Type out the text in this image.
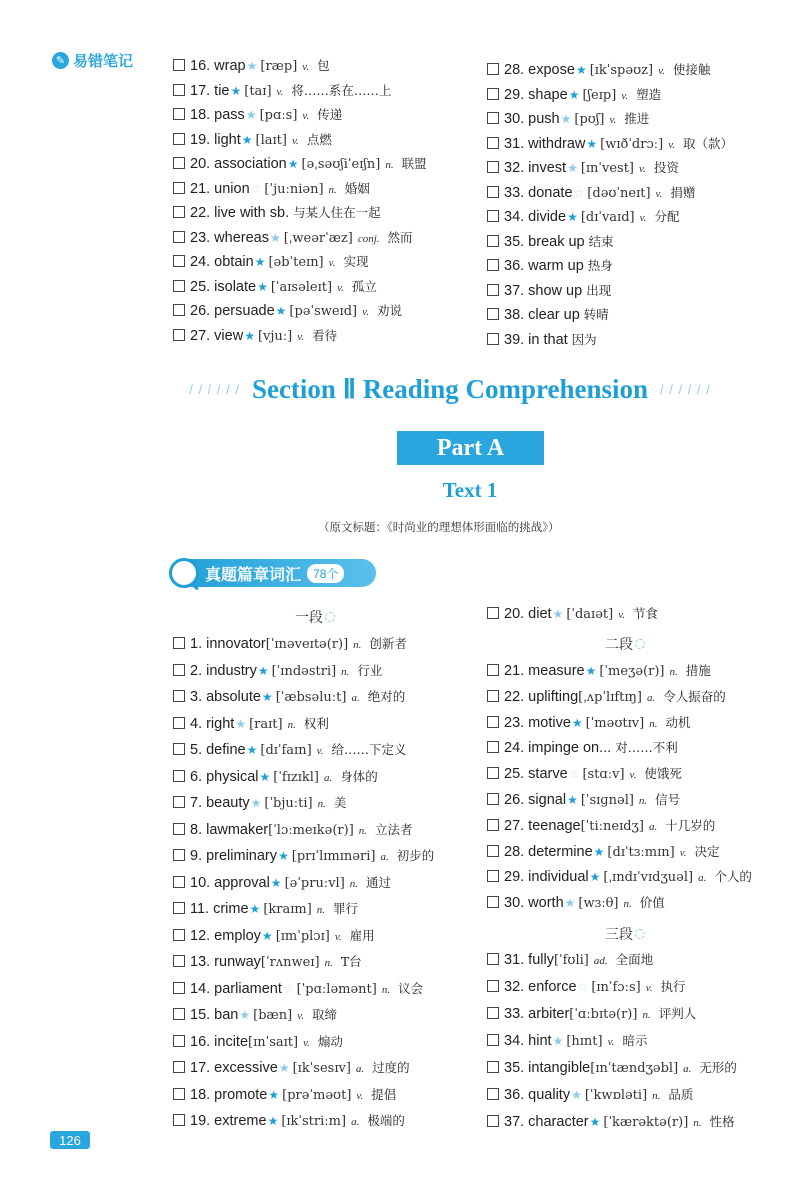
✎ 易错笔记	16. wrap ★ [ræp] v. 包
17. tie ★ [taɪ] v. 将……系在……上
18. pass ★ [pɑːs] v. 传递
19. light ★ [laɪt] v. 点燃
20. association ★ [əˌsəʊʃiˈeɪʃn] n. 联盟
21. union ☆ [ˈjuːniən] n. 婚姻
22. live with sb. 与某人住在一起
23. whereas ★ [ˌweərˈæz] conj. 然而
24. obtain ★ [əbˈteɪn] v. 实现
25. isolate ★ [ˈaɪsəleɪt] v. 孤立
26. persuade ★ [pəˈsweɪd] v. 劝说
27. view ★ [vjuː] v. 看待
28. expose ★ [ɪkˈspəʊz] v. 使接触
29. shape ★ [ʃeɪp] v. 塑造
30. push ★ [pʊʃ] v. 推进
31. withdraw ★ [wɪðˈdrɔː] v. 取（款）
32. invest ★ [ɪnˈvest] v. 投资
33. donate ☆ [dəʊˈneɪt] v. 捐赠
34. divide ★ [dɪˈvaɪd] v. 分配
35. break up 结束
36. warm up 热身
37. show up 出现
38. clear up 转晴
39. in that 因为
/ / / / / / Section Ⅱ Reading Comprehension / / / / / /
Part A
Text 1
（原文标题：《时尚业的理想体形面临的挑战》）
真题篇章词汇	78个
一段
二段
三段
1. innovator [ˈɪnəveɪtə(r)] n. 创新者
2. industry ★ [ˈɪndəstri] n. 行业
3. absolute ★ [ˈæbsəluːt] a. 绝对的
4. right ★ [raɪt] n. 权利
5. define ★ [dɪˈfaɪn] v. 给……下定义
6. physical ★ [ˈfɪzɪkl] a. 身体的
7. beauty ★ [ˈbjuːti] n. 美
8. lawmaker [ˈlɔːmeɪkə(r)] n. 立法者
9. preliminary ★ [prɪˈlɪmɪnəri] a. 初步的
10. approval ★ [əˈpruːvl] n. 通过
11. crime ★ [kraɪm] n. 罪行
12. employ ★ [ɪmˈplɔɪ] v. 雇用
13. runway [ˈrʌnweɪ] n. T台
14. parliament ☆ [ˈpɑːləmənt] n. 议会
15. ban ★ [bæn] v. 取缔
16. incite [ɪnˈsaɪt] v. 煽动
17. excessive ★ [ɪkˈsesɪv] a. 过度的
18. promote ★ [prəˈməʊt] v. 提倡
19. extreme ★ [ɪkˈstriːm] a. 极端的
20. diet ★ [ˈdaɪət] v. 节食
21. measure ★ [ˈmeʒə(r)] n. 措施
22. uplifting [ˌʌpˈlɪftɪŋ] a. 令人振奋的
23. motive ★ [ˈməʊtɪv] n. 动机
24. impinge on... 对……不利
25. starve ☆ [stɑːv] v. 使饿死
26. signal ★ [ˈsɪɡnəl] n. 信号
27. teenage [ˈtiːneɪdʒ] a. 十几岁的
28. determine ★ [dɪˈtɜːmɪn] v. 决定
29. individual ★ [ˌɪndɪˈvɪdʒuəl] a. 个人的
30. worth ★ [wɜːθ] n. 价值
31. fully [ˈfʊli] ad. 全面地
32. enforce ☆ [ɪnˈfɔːs] v. 执行
33. arbiter [ˈɑːbɪtə(r)] n. 评判人
34. hint ★ [hɪnt] v. 暗示
35. intangible [ɪnˈtændʒəbl] a. 无形的
36. quality ★ [ˈkwɒləti] n. 品质
37. character ★ [ˈkærəktə(r)] n. 性格
126
